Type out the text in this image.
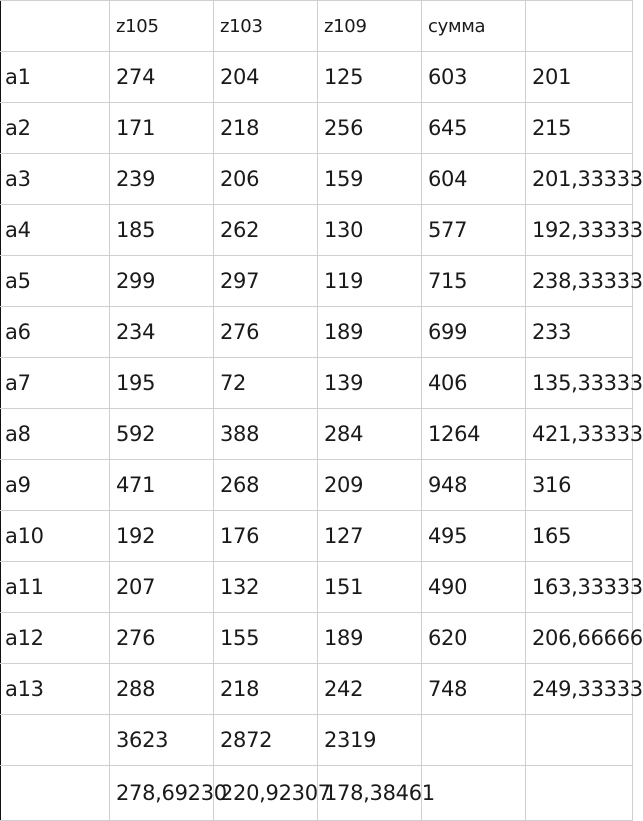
	z105	z103	z109	сумма	
a1	274	204	125	603	201
a2	171	218	256	645	215
a3	239	206	159	604	201,33333
a4	185	262	130	577	192,33333
a5	299	297	119	715	238,33333
a6	234	276	189	699	233
a7	195	72	139	406	135,33333
a8	592	388	284	1264	421,33333
a9	471	268	209	948	316
a10	192	176	127	495	165
a11	207	132	151	490	163,33333
a12	276	155	189	620	206,66666
a13	288	218	242	748	249,33333
	3623	2872	2319		
	278,69230	220,92307	178,38461		
